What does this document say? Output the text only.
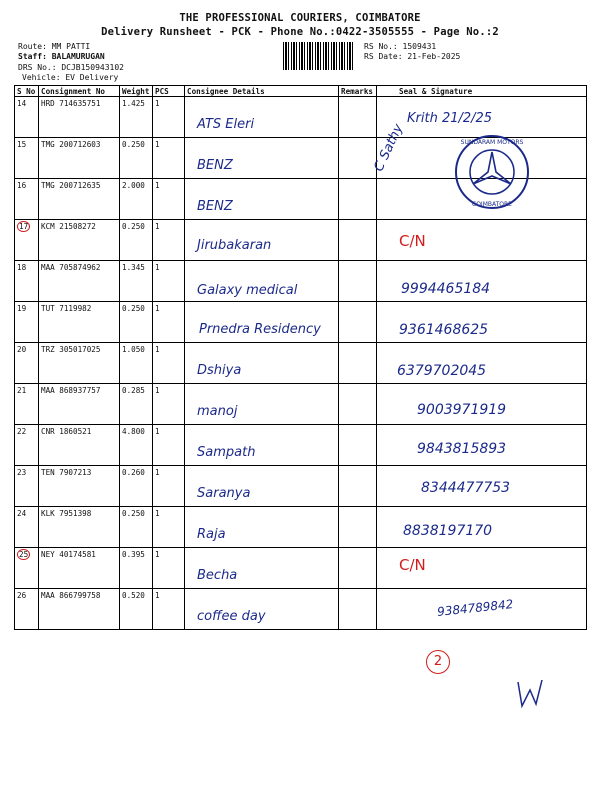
THE PROFESSIONAL COURIERS, COIMBATORE
Delivery Runsheet - PCK - Phone No.:0422-3505555 - Page No.:2
Route: MM PATTI
Staff: BALAMURUGAN
DRS No.: DCJB150943102
Vehicle: EV Delivery
RS No.: 1509431
RS Date: 21-Feb-2025
S No	Consignment No	Weight	PCS	Consignee Details	Remarks	Seal & Signature
14	HRD 714635751	1.425	1	ATS Eleri		Krith 21/2/25

15	TMG 200712603	0.250	1	BENZ		SUNDARAM MOTORS
COIMBATORE

16	TMG 200712635	2.000	1	BENZ		C Sathy

17	KCM 21508272	0.250	1	Jirubakaran		C/N

18	MAA 705874962	1.345	1	Galaxy medical		9994465184

19	TUT 7119982	0.250	1	Prnedra Residency		9361468625

20	TRZ 305017025	1.050	1	Dshiya		6379702045

21	MAA 868937757	0.285	1	manoj		9003971919

22	CNR 1860521	4.800	1	Sampath		9843815893

23	TEN 7907213	0.260	1	Saranya		8344477753

24	KLK 7951398	0.250	1	Raja		8838197170

25	NEY 40174581	0.395	1	Becha		C/N

26	MAA 866799758	0.520	1	coffee day		9384789842
2
